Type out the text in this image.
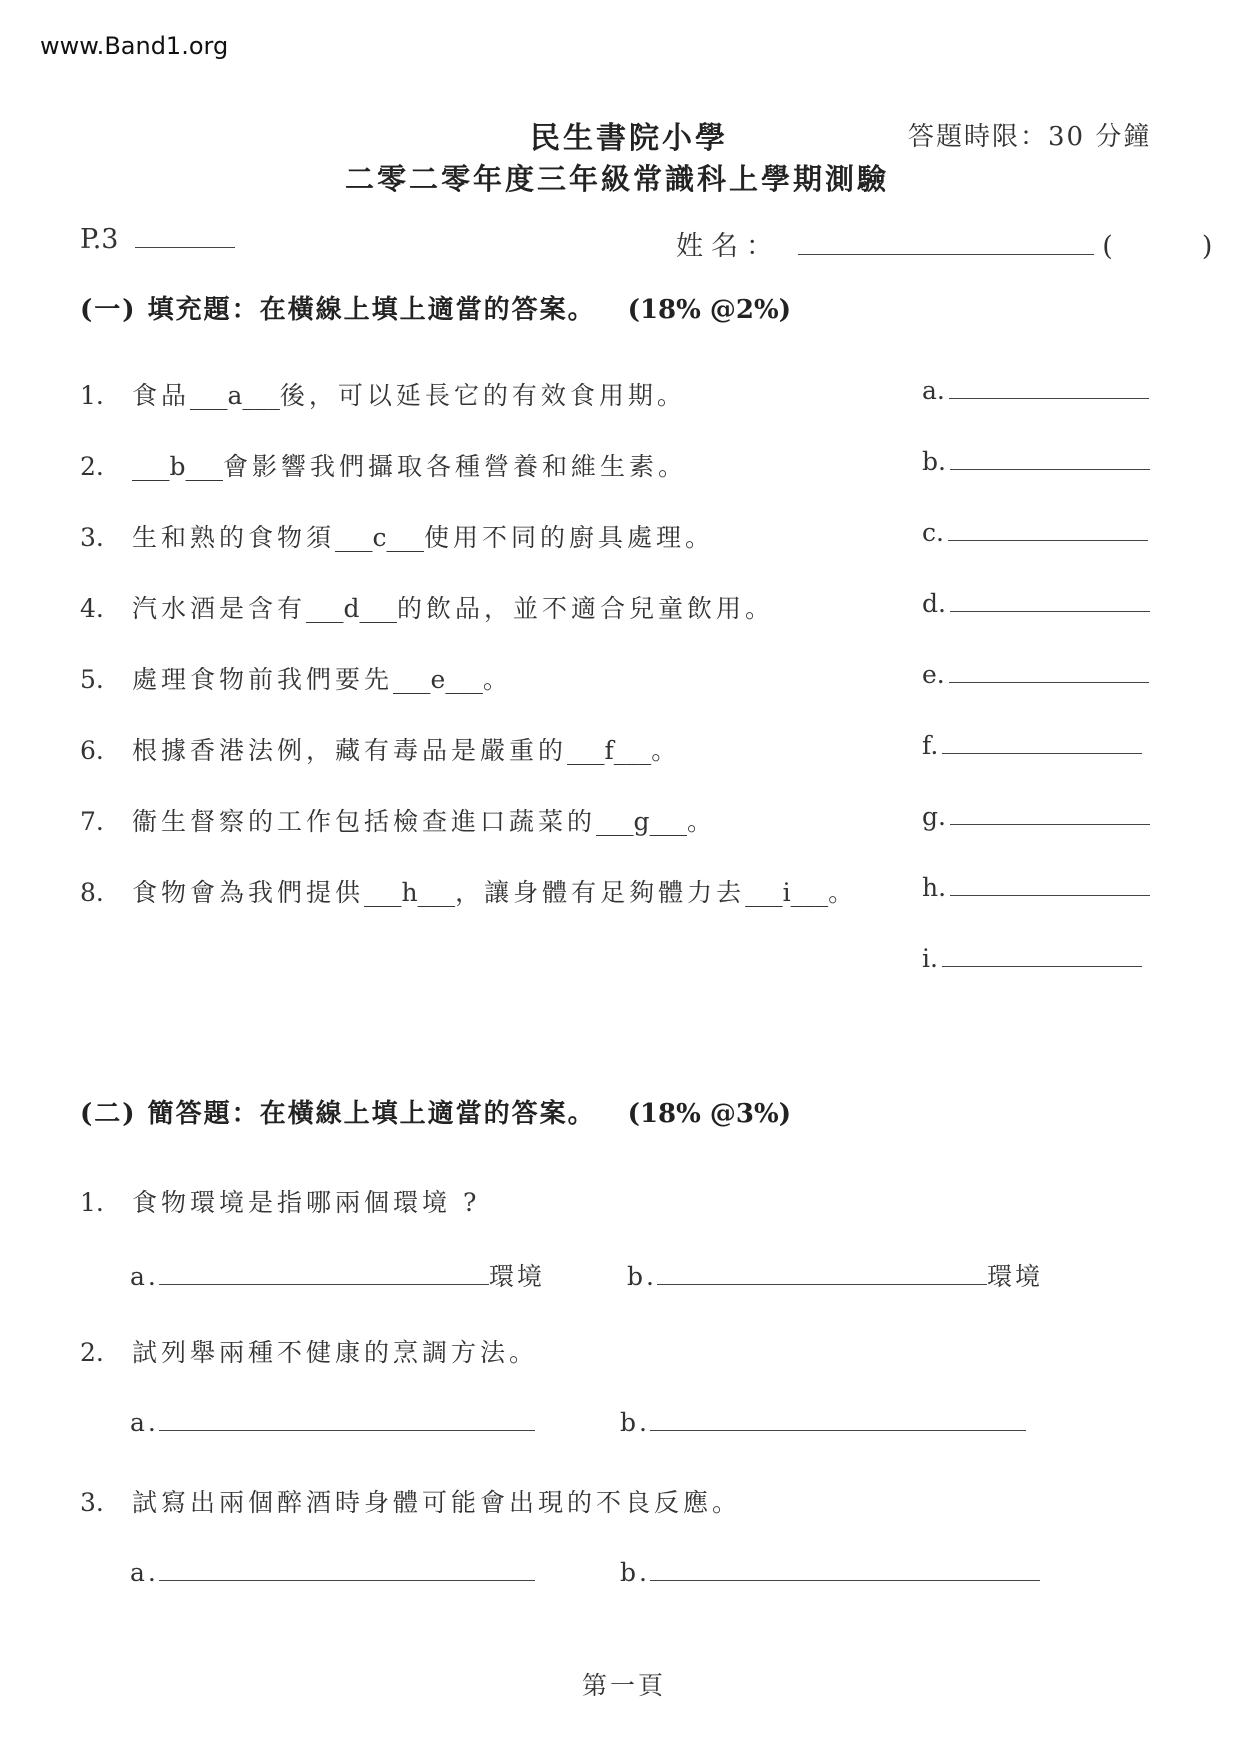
www.Band1.org
民生書院小學	答題時限：30 分鐘
二零二零年度三年級常識科上學期測驗
P.3	姓名：	(	)
(一) 填充題：在橫線上填上適當的答案。 (18% @2%)
1. 食品___a___後，可以延長它的有效食用期。
2. ___b___會影響我們攝取各種營養和維生素。
3. 生和熟的食物須___c___使用不同的廚具處理。
4. 汽水酒是含有___d___的飲品，並不適合兒童飲用。
5. 處理食物前我們要先___e___。
6. 根據香港法例，藏有毒品是嚴重的___f___。
7. 衞生督察的工作包括檢查進口蔬菜的___g___。
8. 食物會為我們提供___h___，讓身體有足夠體力去___i___。
a.
b.
c.
d.
e.
f.
g.
h.
i.
(二) 簡答題：在橫線上填上適當的答案。 (18% @3%)
1. 食物環境是指哪兩個環境 ?
a.	環境	b.	環境
2. 試列舉兩種不健康的烹調方法。
a.	b.
3. 試寫出兩個醉酒時身體可能會出現的不良反應。
a.	b.
第一頁
